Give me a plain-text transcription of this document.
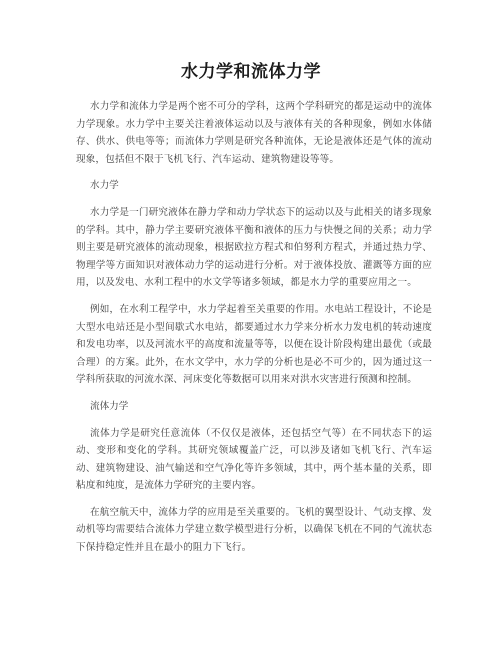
水力学和流体力学

水力学和流体力学是两个密不可分的学科，这两个学科研究的都是运动中的流体力学现象。水力学中主要关注着液体运动以及与液体有关的各种现象，例如水体储存、供水、供电等等；而流体力学则是研究各种流体，无论是液体还是气体的流动现象，包括但不限于飞机飞行、汽车运动、建筑物建设等等。

水力学

水力学是一门研究液体在静力学和动力学状态下的运动以及与此相关的诸多现象的学科。其中，静力学主要研究液体平衡和液体的压力与快慢之间的关系；动力学则主要是研究液体的流动现象，根据欧拉方程式和伯努利方程式，并通过热力学、物理学等方面知识对液体动力学的运动进行分析。对于液体投放、灌溉等方面的应用，以及发电、水利工程中的水文学等诸多领域，都是水力学的重要应用之一。

例如，在水利工程学中，水力学起着至关重要的作用。水电站工程设计，不论是大型水电站还是小型间歇式水电站，都要通过水力学来分析水力发电机的转动速度和发电功率，以及河流水平的高度和流量等等，以便在设计阶段构建出最优（或最合理）的方案。此外，在水文学中，水力学的分析也是必不可少的，因为通过这一学科所获取的河流水深、河床变化等数据可以用来对洪水灾害进行预测和控制。

流体力学

流体力学是研究任意流体（不仅仅是液体，还包括空气等）在不同状态下的运动、变形和变化的学科。其研究领域覆盖广泛，可以涉及诸如飞机飞行、汽车运动、建筑物建设、油气输送和空气净化等许多领域，其中，两个基本量的关系，即粘度和纯度，是流体力学研究的主要内容。

在航空航天中，流体力学的应用是至关重要的。飞机的翼型设计、气动支撑、发动机等均需要结合流体力学建立数学模型进行分析，以确保飞机在不同的气流状态下保持稳定性并且在最小的阻力下飞行。
